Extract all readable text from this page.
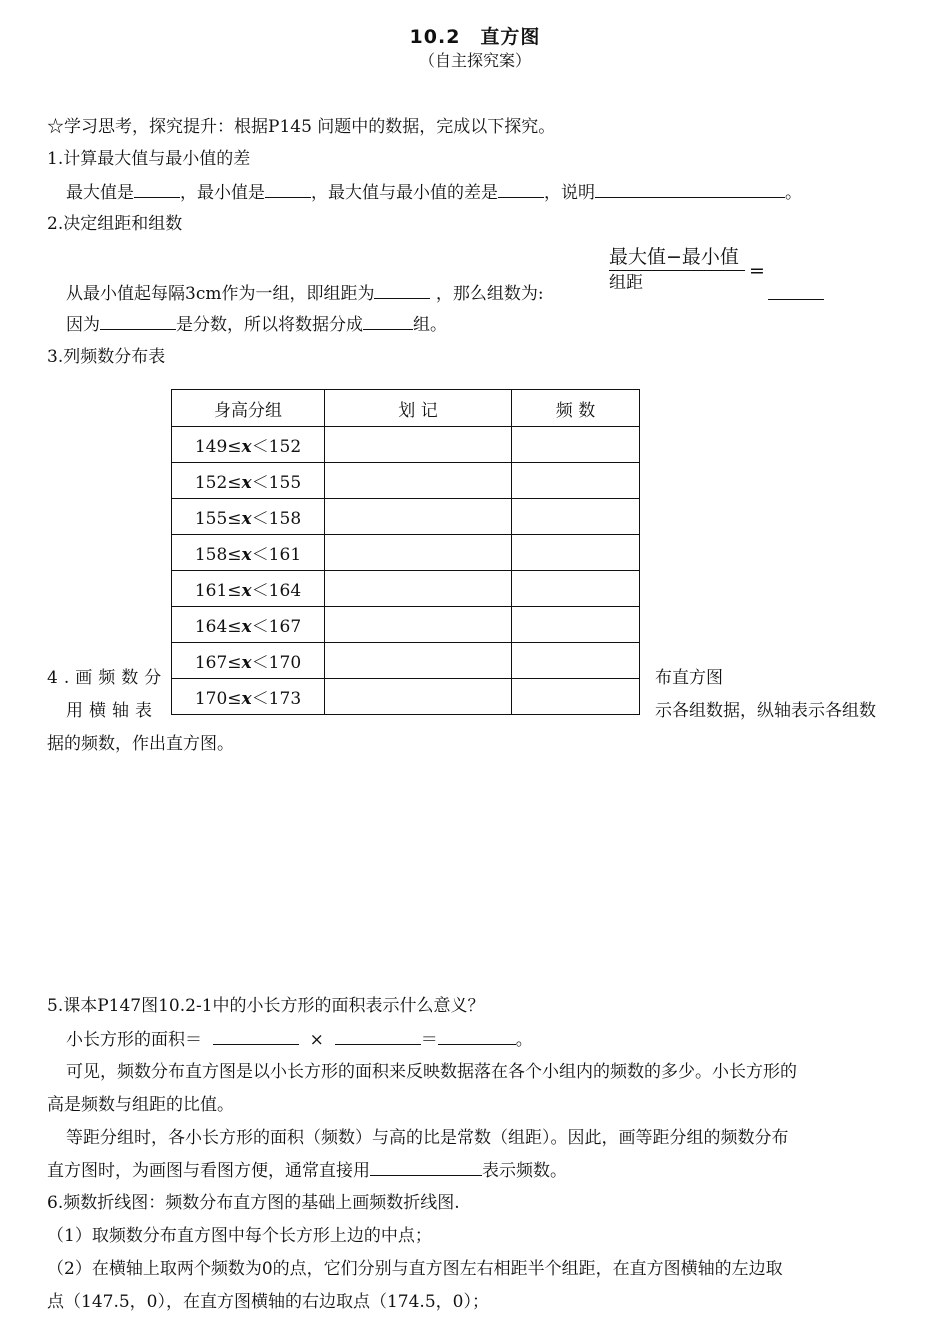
10.2　直方图
（自主探究案）
☆学习思考，探究提升：根据P145 问题中的数据，完成以下探究。
1.计算最大值与最小值的差
最大值是	，最小值是	，最大值与最小值的差是	，说明	。
2.决定组距和组数
最大值−最小值
组距
=
从最小值起每隔3cm作为一组，即组距为	，那么组数为:
因为	是分数，所以将数据分成	组。
3.列频数分布表
身高分组	划 记	频 数
149≤x＜152		
152≤x＜155		
155≤x＜158		
158≤x＜161		
161≤x＜164		
164≤x＜167		
167≤x＜170		
170≤x＜173		
4.画频数分	布直方图
用横轴表	示各组数据，纵轴表示各组数
据的频数，作出直方图。
5.课本P147图10.2-1中的小长方形的面积表示什么意义？
小长方形的面积＝	×	＝	。
可见，频数分布直方图是以小长方形的面积来反映数据落在各个小组内的频数的多少。小长方形的
高是频数与组距的比值。
等距分组时，各小长方形的面积（频数）与高的比是常数（组距）。因此，画等距分组的频数分布
直方图时，为画图与看图方便，通常直接用	表示频数。
6.频数折线图：频数分布直方图的基础上画频数折线图.
（1）取频数分布直方图中每个长方形上边的中点；
（2）在横轴上取两个频数为0的点，它们分别与直方图左右相距半个组距，在直方图横轴的左边取
点（147.5，0），在直方图横轴的右边取点（174.5，0）；
